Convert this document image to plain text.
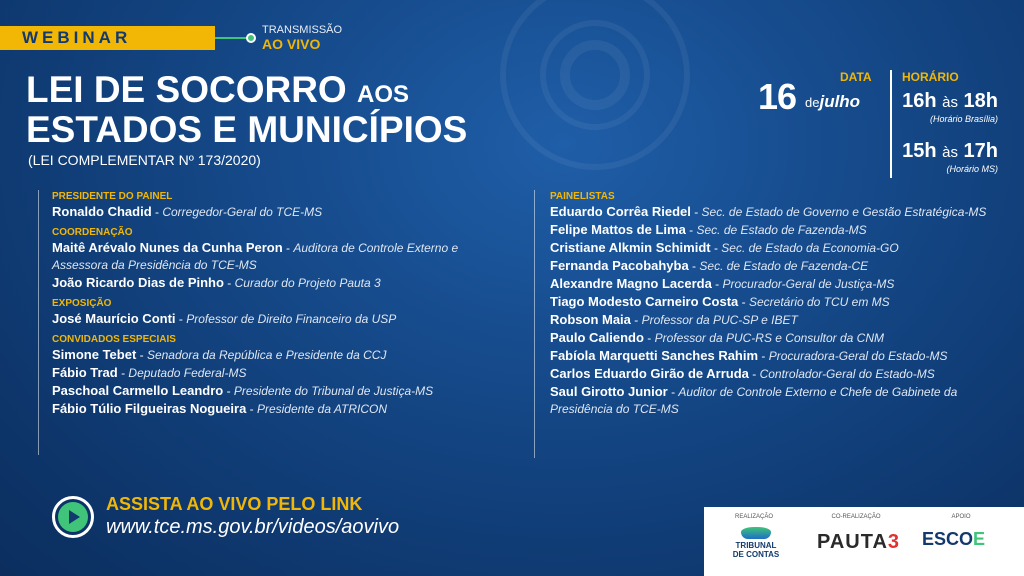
WEBINAR	TRANSMISSÃO
AO VIVO
LEI DE SOCORRO AOS
ESTADOS E MUNICÍPIOS
(LEI COMPLEMENTAR Nº 173/2020)
DATA
16 dejulho
HORÁRIO
16h às 18h
(Horário Brasília)
15h às 17h
(Horário MS)
PRESIDENTE DO PAINEL
Ronaldo Chadid - Corregedor-Geral do TCE-MS
COORDENAÇÃO
Maitê Arévalo Nunes da Cunha Peron - Auditora de Controle Externo e Assessora da Presidência do TCE-MS
João Ricardo Dias de Pinho - Curador do Projeto Pauta 3
EXPOSIÇÃO
José Maurício Conti - Professor de Direito Financeiro da USP
CONVIDADOS ESPECIAIS
Simone Tebet - Senadora da República e Presidente da CCJ
Fábio Trad - Deputado Federal-MS
Paschoal Carmello Leandro - Presidente do Tribunal de Justiça-MS
Fábio Túlio Filgueiras Nogueira - Presidente da ATRICON
PAINELISTAS
Eduardo Corrêa Riedel - Sec. de Estado de Governo e Gestão Estratégica-MS
Felipe Mattos de Lima - Sec. de Estado de Fazenda-MS
Cristiane Alkmin Schimidt - Sec. de Estado da Economia-GO
Fernanda Pacobahyba - Sec. de Estado de Fazenda-CE
Alexandre Magno Lacerda - Procurador-Geral de Justiça-MS
Tiago Modesto Carneiro Costa - Secretário do TCU em MS
Robson Maia - Professor da PUC-SP e IBET
Paulo Caliendo - Professor da PUC-RS e Consultor da CNM
Fabíola Marquetti Sanches Rahim - Procuradora-Geral do Estado-MS
Carlos Eduardo Girão de Arruda - Controlador-Geral do Estado-MS
Saul Girotto Junior - Auditor de Controle Externo e Chefe de Gabinete da Presidência do TCE-MS
ASSISTA AO VIVO PELO LINK
www.tce.ms.gov.br/videos/aovivo	REALIZAÇÃO	CO-REALIZAÇÃO	APOIO
TRIBUNAL
DE CONTAS
PAUTA3 ESCOE
